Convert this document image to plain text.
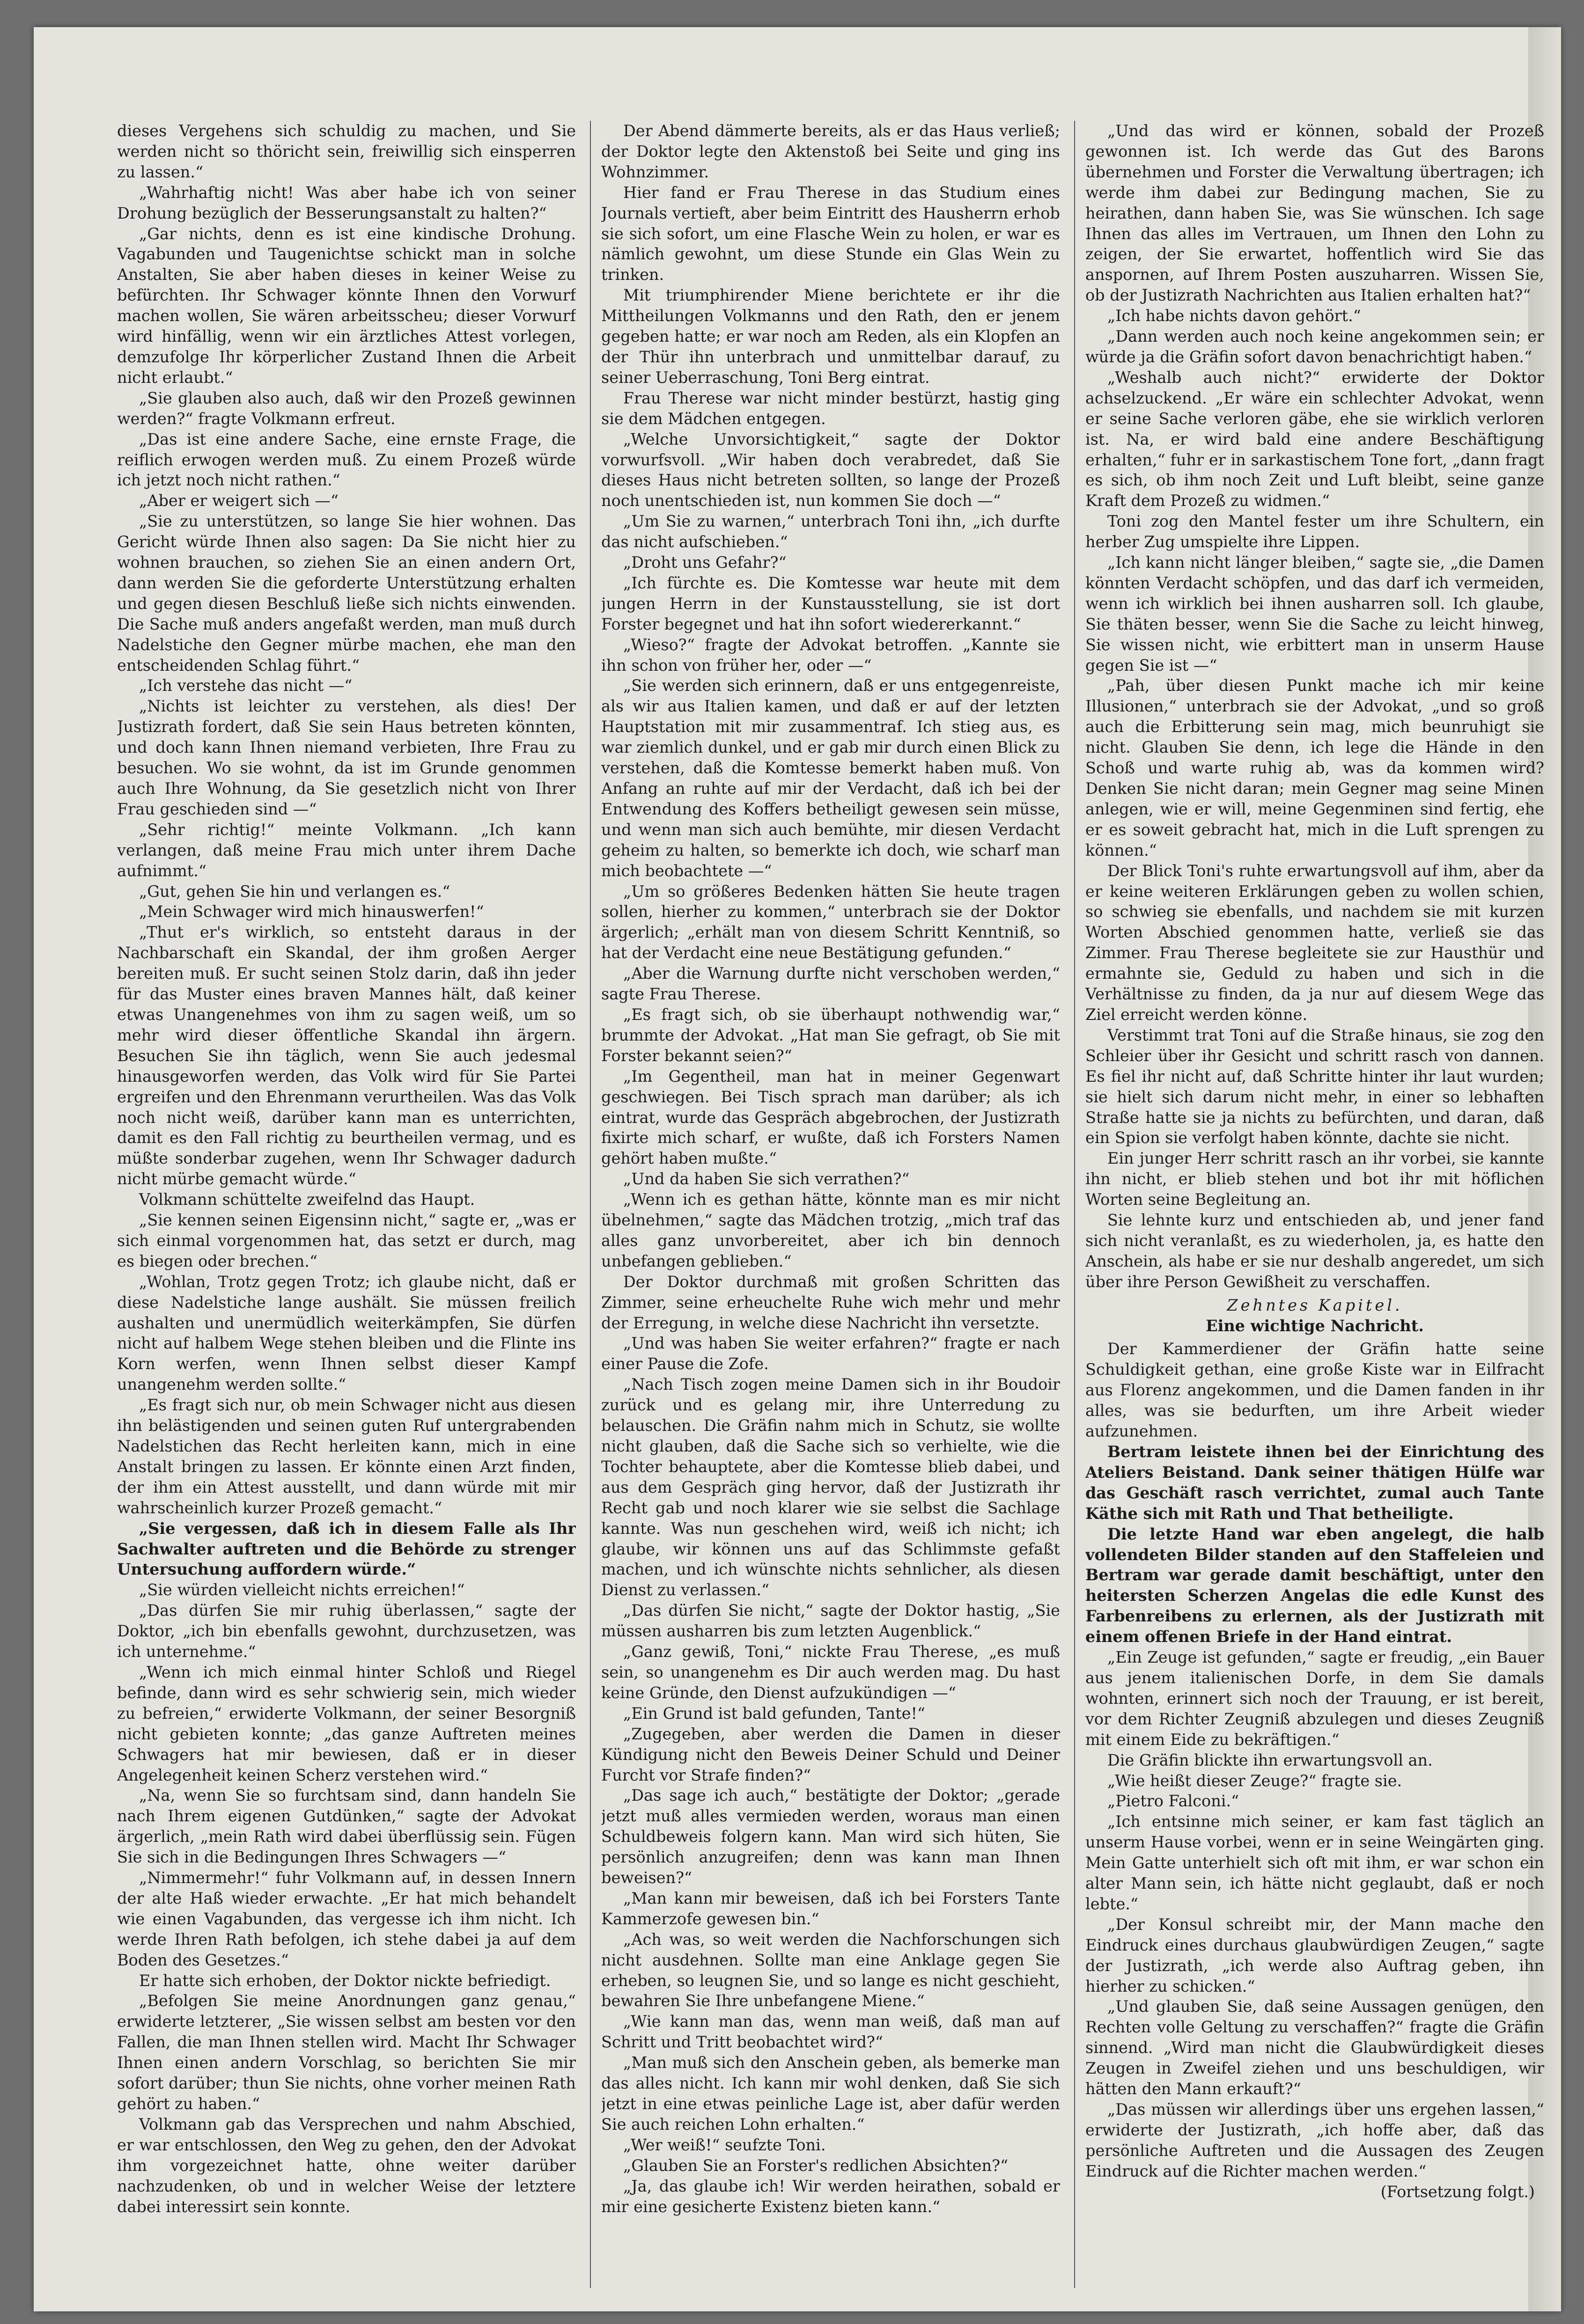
dieses Vergehens sich schuldig zu machen, und Sie werden nicht so thöricht sein, freiwillig sich einsperren zu lassen.“

„Wahrhaftig nicht! Was aber habe ich von seiner Drohung bezüglich der Besserungsanstalt zu halten?“

„Gar nichts, denn es ist eine kindische Drohung. Vagabunden und Taugenichtse schickt man in solche Anstalten, Sie aber haben dieses in keiner Weise zu befürchten. Ihr Schwager könnte Ihnen den Vorwurf machen wollen, Sie wären arbeitsscheu; dieser Vorwurf wird hinfällig, wenn wir ein ärztliches Attest vorlegen, demzufolge Ihr körperlicher Zustand Ihnen die Arbeit nicht erlaubt.“

„Sie glauben also auch, daß wir den Prozeß gewinnen werden?“ fragte Volkmann erfreut.

„Das ist eine andere Sache, eine ernste Frage, die reiflich erwogen werden muß. Zu einem Prozeß würde ich jetzt noch nicht rathen.“

„Aber er weigert sich —“

„Sie zu unterstützen, so lange Sie hier wohnen. Das Gericht würde Ihnen also sagen: Da Sie nicht hier zu wohnen brauchen, so ziehen Sie an einen andern Ort, dann werden Sie die geforderte Unterstützung erhalten und gegen diesen Beschluß ließe sich nichts einwenden. Die Sache muß anders angefaßt werden, man muß durch Nadelstiche den Gegner mürbe machen, ehe man den entscheidenden Schlag führt.“

„Ich verstehe das nicht —“

„Nichts ist leichter zu verstehen, als dies! Der Justizrath fordert, daß Sie sein Haus betreten könnten, und doch kann Ihnen niemand verbieten, Ihre Frau zu besuchen. Wo sie wohnt, da ist im Grunde genommen auch Ihre Wohnung, da Sie gesetzlich nicht von Ihrer Frau geschieden sind —“

„Sehr richtig!“ meinte Volkmann. „Ich kann verlangen, daß meine Frau mich unter ihrem Dache aufnimmt.“

„Gut, gehen Sie hin und verlangen es.“

„Mein Schwager wird mich hinauswerfen!“

„Thut er's wirklich, so entsteht daraus in der Nachbarschaft ein Skandal, der ihm großen Aerger bereiten muß. Er sucht seinen Stolz darin, daß ihn jeder für das Muster eines braven Mannes hält, daß keiner etwas Unangenehmes von ihm zu sagen weiß, um so mehr wird dieser öffentliche Skandal ihn ärgern. Besuchen Sie ihn täglich, wenn Sie auch jedesmal hinausgeworfen werden, das Volk wird für Sie Partei ergreifen und den Ehrenmann verurtheilen. Was das Volk noch nicht weiß, darüber kann man es unterrichten, damit es den Fall richtig zu beurtheilen vermag, und es müßte sonderbar zugehen, wenn Ihr Schwager dadurch nicht mürbe gemacht würde.“

Volkmann schüttelte zweifelnd das Haupt.

„Sie kennen seinen Eigensinn nicht,“ sagte er, „was er sich einmal vorgenommen hat, das setzt er durch, mag es biegen oder brechen.“

„Wohlan, Trotz gegen Trotz; ich glaube nicht, daß er diese Nadelstiche lange aushält. Sie müssen freilich aushalten und unermüdlich weiterkämpfen, Sie dürfen nicht auf halbem Wege stehen bleiben und die Flinte ins Korn werfen, wenn Ihnen selbst dieser Kampf unangenehm werden sollte.“

„Es fragt sich nur, ob mein Schwager nicht aus diesen ihn belästigenden und seinen guten Ruf untergrabenden Nadelstichen das Recht herleiten kann, mich in eine Anstalt bringen zu lassen. Er könnte einen Arzt finden, der ihm ein Attest ausstellt, und dann würde mit mir wahrscheinlich kurzer Prozeß gemacht.“

„Sie vergessen, daß ich in diesem Falle als Ihr Sachwalter auftreten und die Behörde zu strenger Untersuchung auffordern würde.“

„Sie würden vielleicht nichts erreichen!“

„Das dürfen Sie mir ruhig überlassen,“ sagte der Doktor, „ich bin ebenfalls gewohnt, durchzusetzen, was ich unternehme.“

„Wenn ich mich einmal hinter Schloß und Riegel befinde, dann wird es sehr schwierig sein, mich wieder zu befreien,“ erwiderte Volkmann, der seiner Besorgniß nicht gebieten konnte; „das ganze Auftreten meines Schwagers hat mir bewiesen, daß er in dieser Angelegenheit keinen Scherz verstehen wird.“

„Na, wenn Sie so furchtsam sind, dann handeln Sie nach Ihrem eigenen Gutdünken,“ sagte der Advokat ärgerlich, „mein Rath wird dabei überflüssig sein. Fügen Sie sich in die Bedingungen Ihres Schwagers —“

„Nimmermehr!“ fuhr Volkmann auf, in dessen Innern der alte Haß wieder erwachte. „Er hat mich behandelt wie einen Vagabunden, das vergesse ich ihm nicht. Ich werde Ihren Rath befolgen, ich stehe dabei ja auf dem Boden des Gesetzes.“

Er hatte sich erhoben, der Doktor nickte befriedigt.

„Befolgen Sie meine Anordnungen ganz genau,“ erwiderte letzterer, „Sie wissen selbst am besten vor den Fallen, die man Ihnen stellen wird. Macht Ihr Schwager Ihnen einen andern Vorschlag, so berichten Sie mir sofort darüber; thun Sie nichts, ohne vorher meinen Rath gehört zu haben.“

Volkmann gab das Versprechen und nahm Abschied, er war entschlossen, den Weg zu gehen, den der Advokat ihm vorgezeichnet hatte, ohne weiter darüber nachzudenken, ob und in welcher Weise der letztere dabei interessirt sein konnte.

Der Abend dämmerte bereits, als er das Haus verließ; der Doktor legte den Aktenstoß bei Seite und ging ins Wohnzimmer.

Hier fand er Frau Therese in das Studium eines Journals vertieft, aber beim Eintritt des Hausherrn erhob sie sich sofort, um eine Flasche Wein zu holen, er war es nämlich gewohnt, um diese Stunde ein Glas Wein zu trinken.

Mit triumphirender Miene berichtete er ihr die Mittheilungen Volkmanns und den Rath, den er jenem gegeben hatte; er war noch am Reden, als ein Klopfen an der Thür ihn unterbrach und unmittelbar darauf, zu seiner Ueberraschung, Toni Berg eintrat.

Frau Therese war nicht minder bestürzt, hastig ging sie dem Mädchen entgegen.

„Welche Unvorsichtigkeit,“ sagte der Doktor vorwurfsvoll. „Wir haben doch verabredet, daß Sie dieses Haus nicht betreten sollten, so lange der Prozeß noch unentschieden ist, nun kommen Sie doch —“

„Um Sie zu warnen,“ unterbrach Toni ihn, „ich durfte das nicht aufschieben.“

„Droht uns Gefahr?“

„Ich fürchte es. Die Komtesse war heute mit dem jungen Herrn in der Kunstausstellung, sie ist dort Forster begegnet und hat ihn sofort wiedererkannt.“

„Wieso?“ fragte der Advokat betroffen. „Kannte sie ihn schon von früher her, oder —“

„Sie werden sich erinnern, daß er uns entgegenreiste, als wir aus Italien kamen, und daß er auf der letzten Hauptstation mit mir zusammentraf. Ich stieg aus, es war ziemlich dunkel, und er gab mir durch einen Blick zu verstehen, daß die Komtesse bemerkt haben muß. Von Anfang an ruhte auf mir der Verdacht, daß ich bei der Entwendung des Koffers betheiligt gewesen sein müsse, und wenn man sich auch bemühte, mir diesen Verdacht geheim zu halten, so bemerkte ich doch, wie scharf man mich beobachtete —“

„Um so größeres Bedenken hätten Sie heute tragen sollen, hierher zu kommen,“ unterbrach sie der Doktor ärgerlich; „erhält man von diesem Schritt Kenntniß, so hat der Verdacht eine neue Bestätigung gefunden.“

„Aber die Warnung durfte nicht verschoben werden,“ sagte Frau Therese.

„Es fragt sich, ob sie überhaupt nothwendig war,“ brummte der Advokat. „Hat man Sie gefragt, ob Sie mit Forster bekannt seien?“

„Im Gegentheil, man hat in meiner Gegenwart geschwiegen. Bei Tisch sprach man darüber; als ich eintrat, wurde das Gespräch abgebrochen, der Justizrath fixirte mich scharf, er wußte, daß ich Forsters Namen gehört haben mußte.“

„Und da haben Sie sich verrathen?“

„Wenn ich es gethan hätte, könnte man es mir nicht übelnehmen,“ sagte das Mädchen trotzig, „mich traf das alles ganz unvorbereitet, aber ich bin dennoch unbefangen geblieben.“

Der Doktor durchmaß mit großen Schritten das Zimmer, seine erheuchelte Ruhe wich mehr und mehr der Erregung, in welche diese Nachricht ihn versetzte.

„Und was haben Sie weiter erfahren?“ fragte er nach einer Pause die Zofe.

„Nach Tisch zogen meine Damen sich in ihr Boudoir zurück und es gelang mir, ihre Unterredung zu belauschen. Die Gräfin nahm mich in Schutz, sie wollte nicht glauben, daß die Sache sich so verhielte, wie die Tochter behauptete, aber die Komtesse blieb dabei, und aus dem Gespräch ging hervor, daß der Justizrath ihr Recht gab und noch klarer wie sie selbst die Sachlage kannte. Was nun geschehen wird, weiß ich nicht; ich glaube, wir können uns auf das Schlimmste gefaßt machen, und ich wünschte nichts sehnlicher, als diesen Dienst zu verlassen.“

„Das dürfen Sie nicht,“ sagte der Doktor hastig, „Sie müssen ausharren bis zum letzten Augenblick.“

„Ganz gewiß, Toni,“ nickte Frau Therese, „es muß sein, so unangenehm es Dir auch werden mag. Du hast keine Gründe, den Dienst aufzukündigen —“

„Ein Grund ist bald gefunden, Tante!“

„Zugegeben, aber werden die Damen in dieser Kündigung nicht den Beweis Deiner Schuld und Deiner Furcht vor Strafe finden?“

„Das sage ich auch,“ bestätigte der Doktor; „gerade jetzt muß alles vermieden werden, woraus man einen Schuldbeweis folgern kann. Man wird sich hüten, Sie persönlich anzugreifen; denn was kann man Ihnen beweisen?“

„Man kann mir beweisen, daß ich bei Forsters Tante Kammerzofe gewesen bin.“

„Ach was, so weit werden die Nachforschungen sich nicht ausdehnen. Sollte man eine Anklage gegen Sie erheben, so leugnen Sie, und so lange es nicht geschieht, bewahren Sie Ihre unbefangene Miene.“

„Wie kann man das, wenn man weiß, daß man auf Schritt und Tritt beobachtet wird?“

„Man muß sich den Anschein geben, als bemerke man das alles nicht. Ich kann mir wohl denken, daß Sie sich jetzt in eine etwas peinliche Lage ist, aber dafür werden Sie auch reichen Lohn erhalten.“

„Wer weiß!“ seufzte Toni.

„Glauben Sie an Forster's redlichen Absichten?“

„Ja, das glaube ich! Wir werden heirathen, sobald er mir eine gesicherte Existenz bieten kann.“

„Und das wird er können, sobald der Prozeß gewonnen ist. Ich werde das Gut des Barons übernehmen und Forster die Verwaltung übertragen; ich werde ihm dabei zur Bedingung machen, Sie zu heirathen, dann haben Sie, was Sie wünschen. Ich sage Ihnen das alles im Vertrauen, um Ihnen den Lohn zu zeigen, der Sie erwartet, hoffentlich wird Sie das anspornen, auf Ihrem Posten auszuharren. Wissen Sie, ob der Justizrath Nachrichten aus Italien erhalten hat?“

„Ich habe nichts davon gehört.“

„Dann werden auch noch keine angekommen sein; er würde ja die Gräfin sofort davon benachrichtigt haben.“

„Weshalb auch nicht?“ erwiderte der Doktor achselzuckend. „Er wäre ein schlechter Advokat, wenn er seine Sache verloren gäbe, ehe sie wirklich verloren ist. Na, er wird bald eine andere Beschäftigung erhalten,“ fuhr er in sarkastischem Tone fort, „dann fragt es sich, ob ihm noch Zeit und Luft bleibt, seine ganze Kraft dem Prozeß zu widmen.“

Toni zog den Mantel fester um ihre Schultern, ein herber Zug umspielte ihre Lippen.

„Ich kann nicht länger bleiben,“ sagte sie, „die Damen könnten Verdacht schöpfen, und das darf ich vermeiden, wenn ich wirklich bei ihnen ausharren soll. Ich glaube, Sie thäten besser, wenn Sie die Sache zu leicht hinweg, Sie wissen nicht, wie erbittert man in unserm Hause gegen Sie ist —“

„Pah, über diesen Punkt mache ich mir keine Illusionen,“ unterbrach sie der Advokat, „und so groß auch die Erbitterung sein mag, mich beunruhigt sie nicht. Glauben Sie denn, ich lege die Hände in den Schoß und warte ruhig ab, was da kommen wird? Denken Sie nicht daran; mein Gegner mag seine Minen anlegen, wie er will, meine Gegenminen sind fertig, ehe er es soweit gebracht hat, mich in die Luft sprengen zu können.“

Der Blick Toni's ruhte erwartungsvoll auf ihm, aber da er keine weiteren Erklärungen geben zu wollen schien, so schwieg sie ebenfalls, und nachdem sie mit kurzen Worten Abschied genommen hatte, verließ sie das Zimmer. Frau Therese begleitete sie zur Hausthür und ermahnte sie, Geduld zu haben und sich in die Verhältnisse zu finden, da ja nur auf diesem Wege das Ziel erreicht werden könne.

Verstimmt trat Toni auf die Straße hinaus, sie zog den Schleier über ihr Gesicht und schritt rasch von dannen. Es fiel ihr nicht auf, daß Schritte hinter ihr laut wurden; sie hielt sich darum nicht mehr, in einer so lebhaften Straße hatte sie ja nichts zu befürchten, und daran, daß ein Spion sie verfolgt haben könnte, dachte sie nicht.

Ein junger Herr schritt rasch an ihr vorbei, sie kannte ihn nicht, er blieb stehen und bot ihr mit höflichen Worten seine Begleitung an.

Sie lehnte kurz und entschieden ab, und jener fand sich nicht veranlaßt, es zu wiederholen, ja, es hatte den Anschein, als habe er sie nur deshalb angeredet, um sich über ihre Person Gewißheit zu verschaffen.

Zehntes Kapitel.

Eine wichtige Nachricht.

Der Kammerdiener der Gräfin hatte seine Schuldigkeit gethan, eine große Kiste war in Eilfracht aus Florenz angekommen, und die Damen fanden in ihr alles, was sie bedurften, um ihre Arbeit wieder aufzunehmen.

Bertram leistete ihnen bei der Einrichtung des Ateliers Beistand. Dank seiner thätigen Hülfe war das Geschäft rasch verrichtet, zumal auch Tante Käthe sich mit Rath und That betheiligte.

Die letzte Hand war eben angelegt, die halb vollendeten Bilder standen auf den Staffeleien und Bertram war gerade damit beschäftigt, unter den heitersten Scherzen Angelas die edle Kunst des Farbenreibens zu erlernen, als der Justizrath mit einem offenen Briefe in der Hand eintrat.

„Ein Zeuge ist gefunden,“ sagte er freudig, „ein Bauer aus jenem italienischen Dorfe, in dem Sie damals wohnten, erinnert sich noch der Trauung, er ist bereit, vor dem Richter Zeugniß abzulegen und dieses Zeugniß mit einem Eide zu bekräftigen.“

Die Gräfin blickte ihn erwartungsvoll an.

„Wie heißt dieser Zeuge?“ fragte sie.

„Pietro Falconi.“

„Ich entsinne mich seiner, er kam fast täglich an unserm Hause vorbei, wenn er in seine Weingärten ging. Mein Gatte unterhielt sich oft mit ihm, er war schon ein alter Mann sein, ich hätte nicht geglaubt, daß er noch lebte.“

„Der Konsul schreibt mir, der Mann mache den Eindruck eines durchaus glaubwürdigen Zeugen,“ sagte der Justizrath, „ich werde also Auftrag geben, ihn hierher zu schicken.“

„Und glauben Sie, daß seine Aussagen genügen, den Rechten volle Geltung zu verschaffen?“ fragte die Gräfin sinnend. „Wird man nicht die Glaubwürdigkeit dieses Zeugen in Zweifel ziehen und uns beschuldigen, wir hätten den Mann erkauft?“

„Das müssen wir allerdings über uns ergehen lassen,“ erwiderte der Justizrath, „ich hoffe aber, daß das persönliche Auftreten und die Aussagen des Zeugen Eindruck auf die Richter machen werden.“

(Fortsetzung folgt.)
